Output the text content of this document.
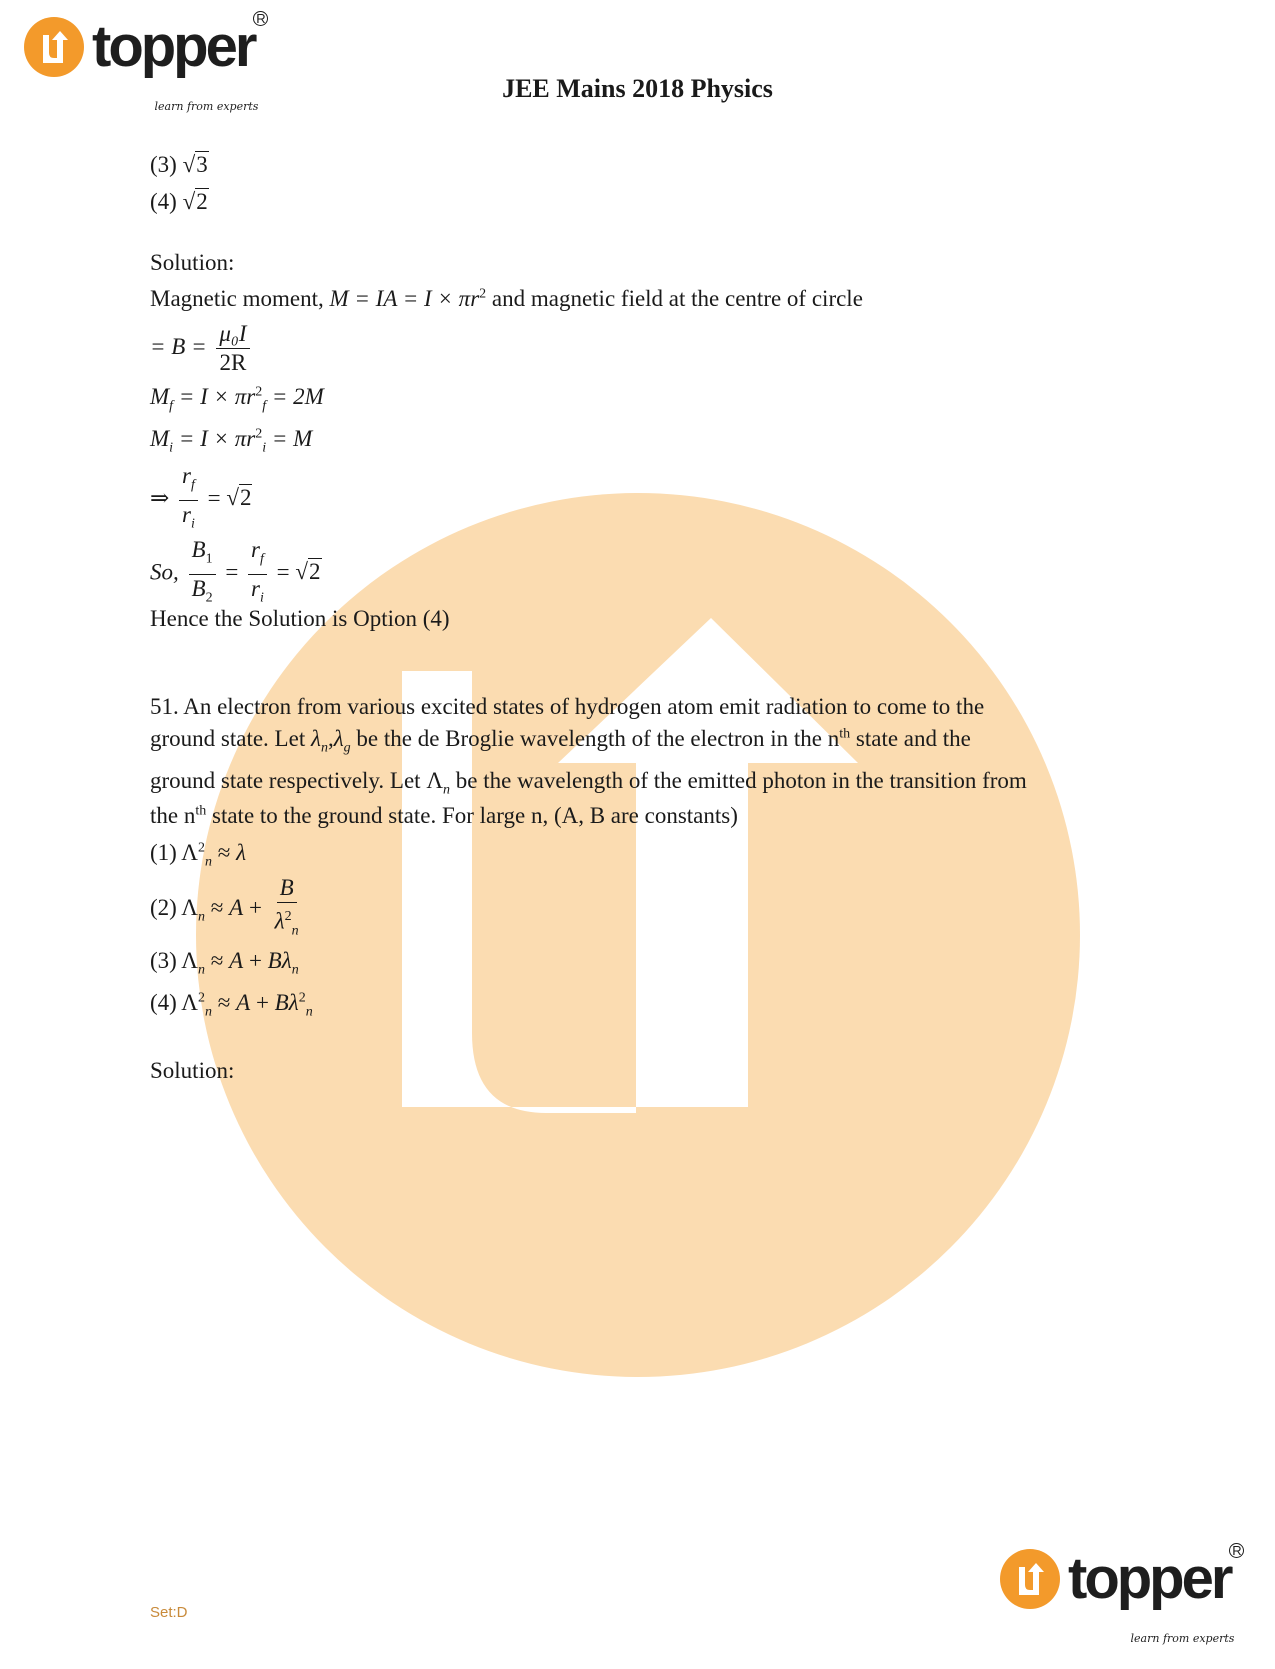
topper R
learn from experts
JEE Mains 2018 Physics
(3) √3
(4) √2
Solution:
Magnetic moment, M = IA = $I \times \pi r^2$ and magnetic field at the centre of circle
= $B = \frac{\text{μ₀I}}{2R}$
$M_f = I \times \pi r^2_f = 2M$
$M_i = I \times \pi r^2_i = M$
⇒ $\frac{r_f}{r_i} = √2$
So, $\frac{B_1}{B_2} = \frac{r_f}{r_i} = √2$
Hence the Solution is Option (4)
51. An electron from various excited states of hydrogen atom emit radiation to come to the
ground state. Let $\lambda_n,\lambda_g$ be the de Broglie wavelength of the electron in the $n^{th}$ state and the
ground state respectively. Let $\Lambda_n$ be the wavelength of the emitted photon in the transition from
the $n^{th}$ state to the ground state. For large n, (A, B are constants)
(1) $\Lambda^2_n \approx \lambda$
(2) $\Lambda_n \approx A + \frac{B}{\lambda^2_n}$
(3) $\Lambda_n \approx A + B\lambda_n$
(4) $\Lambda^2_n \approx A + B\lambda^2_n$
Solution:
Set:D
topper R
learn from experts
